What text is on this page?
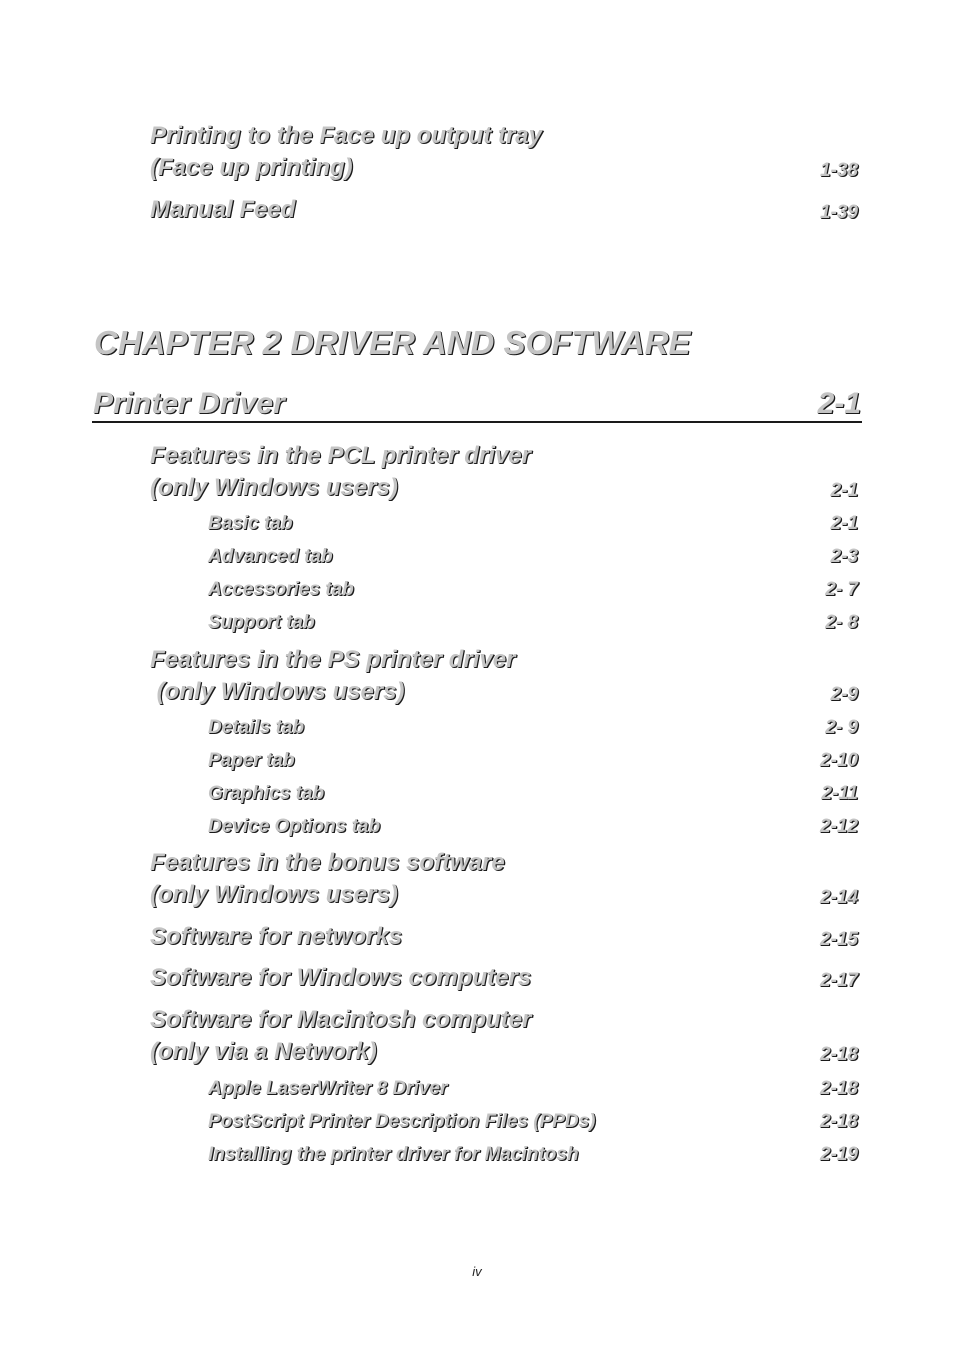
Printing to the Face up output tray
(Face up printing)	1-38
Manual Feed	1-39
CHAPTER 2 DRIVER AND SOFTWARE
Printer Driver	2-1
Features in the PCL printer driver
(only Windows users)	2-1
Basic tab	2-1
Advanced tab	2-3
Accessories tab	2- 7
Support tab	2- 8
Features in the PS printer driver
(only Windows users)	2-9
Details tab	2- 9
Paper tab	2-10
Graphics tab	2-11
Device Options tab	2-12
Features in the bonus software
(only Windows users)	2-14
Software for networks	2-15
Software for Windows computers	2-17
Software for Macintosh computer
(only via a Network)	2-18
Apple LaserWriter 8 Driver	2-18
PostScript Printer Description Files (PPDs)	2-18
Installing the printer driver for Macintosh	2-19
iv
